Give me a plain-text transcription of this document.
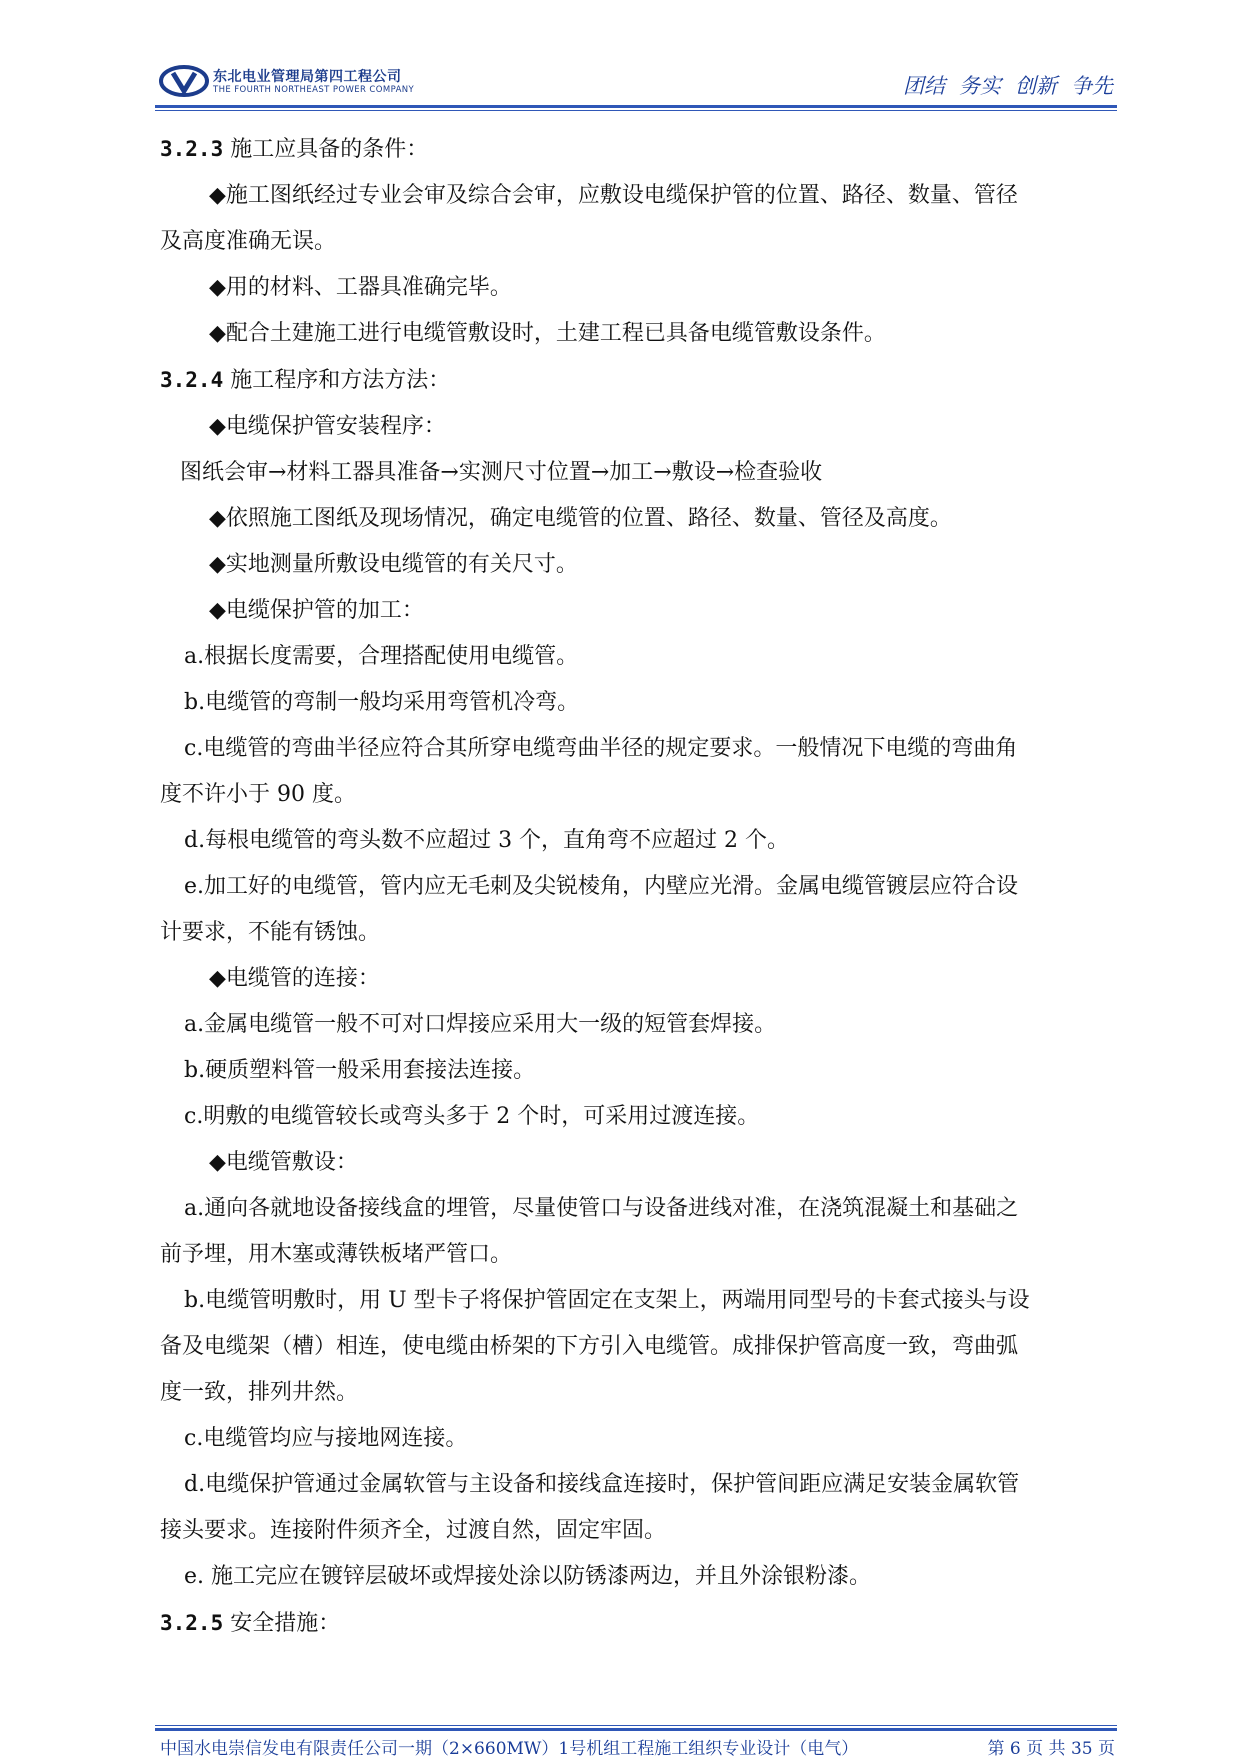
东北电业管理局第四工程公司
THE FOURTH NORTHEAST POWER COMPANY	团结 务实 创新 争先
3.2.3 施工应具备的条件：
◆施工图纸经过专业会审及综合会审，应敷设电缆保护管的位置、路径、数量、管径
及高度准确无误。
◆用的材料、工器具准确完毕。
◆配合土建施工进行电缆管敷设时，土建工程已具备电缆管敷设条件。
3.2.4 施工程序和方法方法：
◆电缆保护管安装程序：
图纸会审→材料工器具准备→实测尺寸位置→加工→敷设→检查验收
◆依照施工图纸及现场情况，确定电缆管的位置、路径、数量、管径及高度。
◆实地测量所敷设电缆管的有关尺寸。
◆电缆保护管的加工：
a.根据长度需要，合理搭配使用电缆管。
b.电缆管的弯制一般均采用弯管机冷弯。
c.电缆管的弯曲半径应符合其所穿电缆弯曲半径的规定要求。一般情况下电缆的弯曲角
度不许小于 90 度。
d.每根电缆管的弯头数不应超过 3 个，直角弯不应超过 2 个。
e.加工好的电缆管，管内应无毛刺及尖锐棱角，内壁应光滑。金属电缆管镀层应符合设
计要求，不能有锈蚀。
◆电缆管的连接：
a.金属电缆管一般不可对口焊接应采用大一级的短管套焊接。
b.硬质塑料管一般采用套接法连接。
c.明敷的电缆管较长或弯头多于 2 个时，可采用过渡连接。
◆电缆管敷设：
a.通向各就地设备接线盒的埋管，尽量使管口与设备进线对准，在浇筑混凝土和基础之
前予埋，用木塞或薄铁板堵严管口。
b.电缆管明敷时，用 U 型卡子将保护管固定在支架上，两端用同型号的卡套式接头与设
备及电缆架（槽）相连，使电缆由桥架的下方引入电缆管。成排保护管高度一致，弯曲弧
度一致，排列井然。
c.电缆管均应与接地网连接。
d.电缆保护管通过金属软管与主设备和接线盒连接时，保护管间距应满足安装金属软管
接头要求。连接附件须齐全，过渡自然，固定牢固。
e. 施工完应在镀锌层破坏或焊接处涂以防锈漆两边，并且外涂银粉漆。
3.2.5 安全措施：
中国水电崇信发电有限责任公司一期（2×660MW）1号机组工程施工组织专业设计（电气）	第 6 页 共 35 页
